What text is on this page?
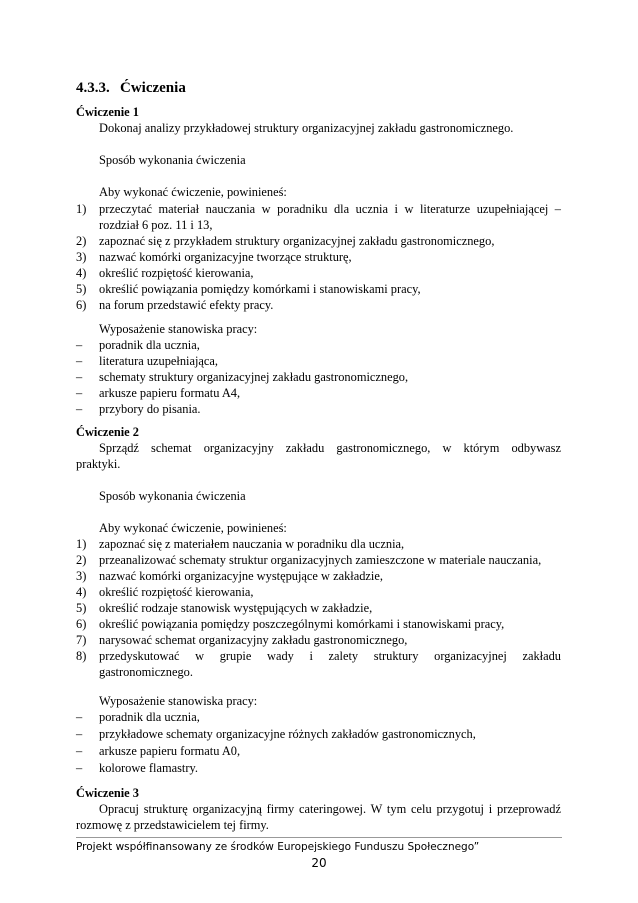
4.3.3. Ćwiczenia
Ćwiczenie 1
Dokonaj analizy przykładowej struktury organizacyjnej zakładu gastronomicznego.
Sposób wykonania ćwiczenia
Aby wykonać ćwiczenie, powinieneś:
1) przeczytać materiał nauczania w poradniku dla ucznia i w literaturze uzupełniającej –
rozdział 6 poz. 11 i 13,
2) zapoznać się z przykładem struktury organizacyjnej zakładu gastronomicznego,
3) nazwać komórki organizacyjne tworzące strukturę,
4) określić rozpiętość kierowania,
5) określić powiązania pomiędzy komórkami i stanowiskami pracy,
6) na forum przedstawić efekty pracy.
Wyposażenie stanowiska pracy:
– poradnik dla ucznia,
– literatura uzupełniająca,
– schematy struktury organizacyjnej zakładu gastronomicznego,
– arkusze papieru formatu A4,
– przybory do pisania.
Ćwiczenie 2
Sprządź schemat organizacyjny zakładu gastronomicznego, w którym odbywasz
praktyki.
Sposób wykonania ćwiczenia
Aby wykonać ćwiczenie, powinieneś:
1) zapoznać się z materiałem nauczania w poradniku dla ucznia,
2) przeanalizować schematy struktur organizacyjnych zamieszczone w materiale nauczania,
3) nazwać komórki organizacyjne występujące w zakładzie,
4) określić rozpiętość kierowania,
5) określić rodzaje stanowisk występujących w zakładzie,
6) określić powiązania pomiędzy poszczególnymi komórkami i stanowiskami pracy,
7) narysować schemat organizacyjny zakładu gastronomicznego,
8) przedyskutować w grupie wady i zalety struktury organizacyjnej zakładu
gastronomicznego.
Wyposażenie stanowiska pracy:
– poradnik dla ucznia,
– przykładowe schematy organizacyjne różnych zakładów gastronomicznych,
– arkusze papieru formatu A0,
– kolorowe flamastry.
Ćwiczenie 3
Opracuj strukturę organizacyjną firmy cateringowej. W tym celu przygotuj i przeprowadź
rozmowę z przedstawicielem tej firmy.
Projekt współfinansowany ze środków Europejskiego Funduszu Społecznego”
20
